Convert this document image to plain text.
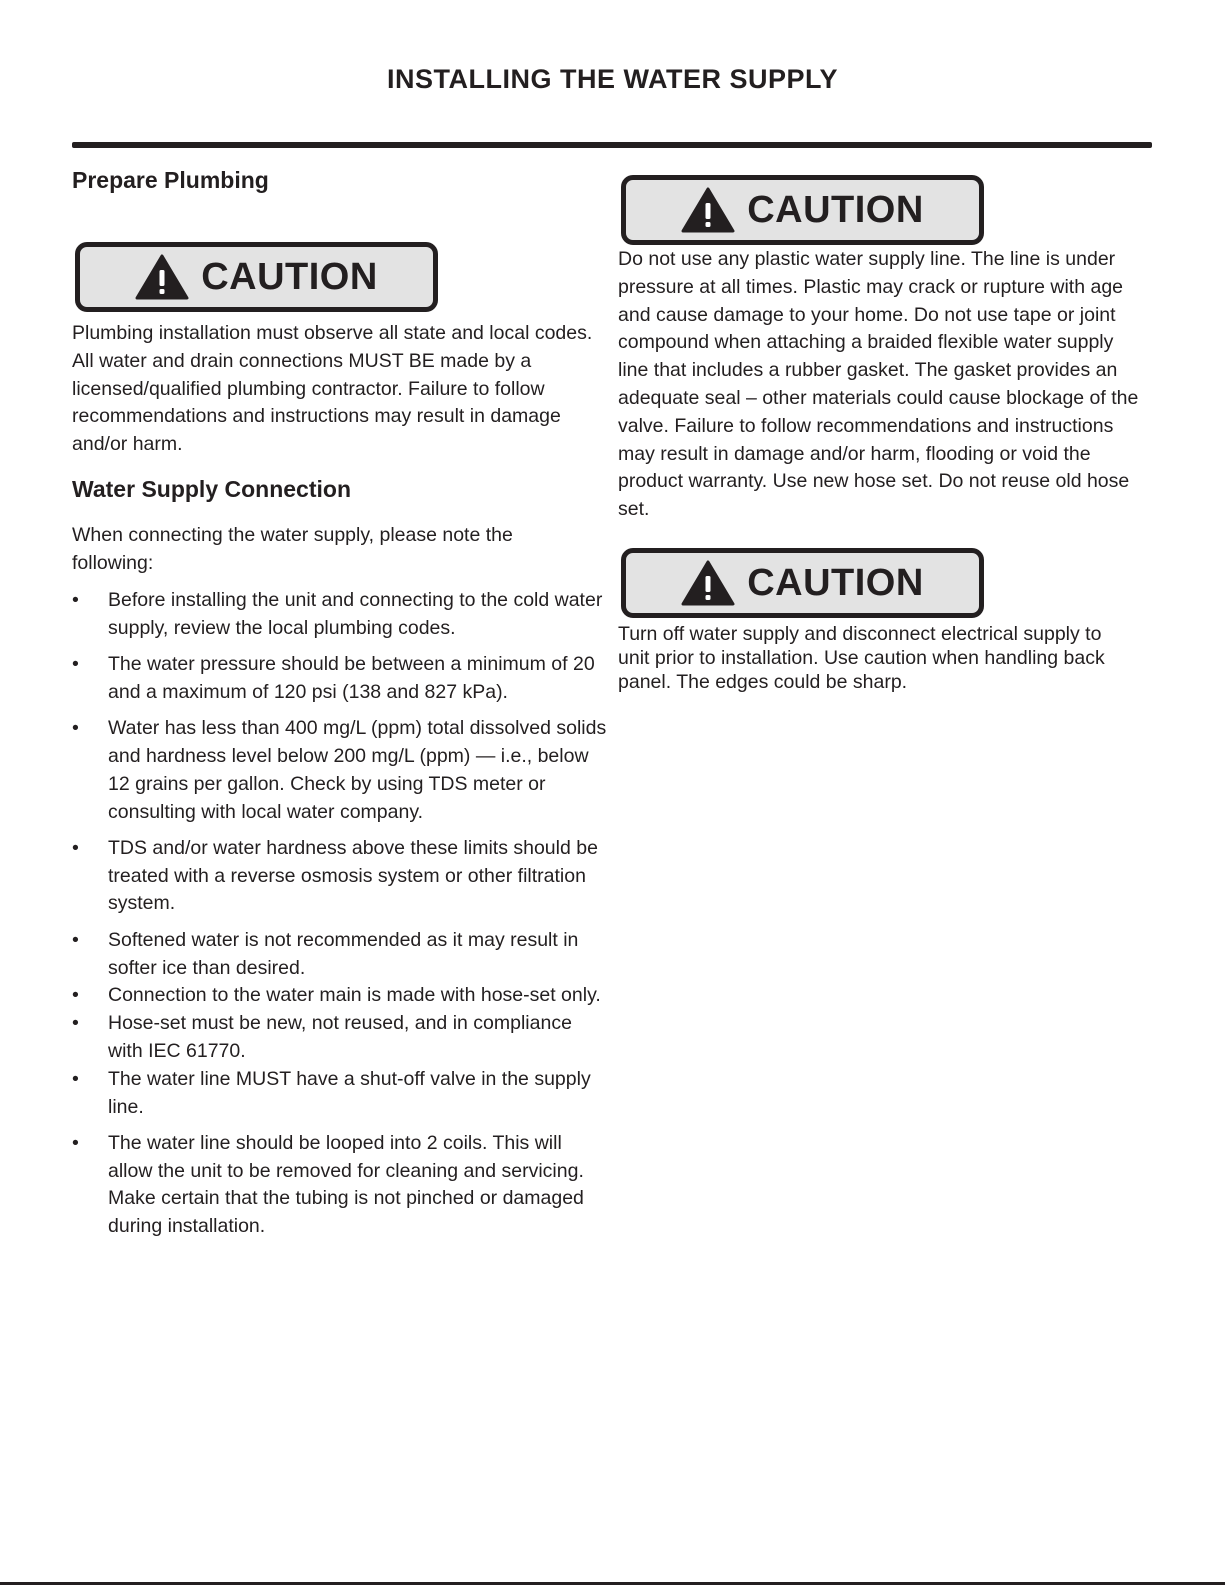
INSTALLING THE WATER SUPPLY
Prepare Plumbing
CAUTION

Plumbing installation must observe all state and local codes. All water and drain connections MUST BE made by a licensed/qualified plumbing contractor. Failure to follow recommendations and instructions may result in damage and/or harm.

Water Supply Connection

When connecting the water supply, please note the following:

• Before installing the unit and connecting to the cold water supply, review the local plumbing codes.
• The water pressure should be between a minimum of 20 and a maximum of 120 psi (138 and 827 kPa).
• Water has less than 400 mg/L (ppm) total dissolved solids and hardness level below 200 mg/L (ppm) — i.e., below 12 grains per gallon. Check by using TDS meter or consulting with local water company.
• TDS and/or water hardness above these limits should be treated with a reverse osmosis system or other filtration system.
• Softened water is not recommended as it may result in softer ice than desired.
• Connection to the water main is made with hose-set only.
• Hose-set must be new, not reused, and in compliance with IEC 61770.
• The water line MUST have a shut-off valve in the supply line.
• The water line should be looped into 2 coils. This will allow the unit to be removed for cleaning and servicing. Make certain that the tubing is not pinched or damaged during installation.
CAUTION

Do not use any plastic water supply line. The line is under pressure at all times. Plastic may crack or rupture with age and cause damage to your home. Do not use tape or joint compound when attaching a braided flexible water supply line that includes a rubber gasket. The gasket provides an adequate seal – other materials could cause blockage of the valve. Failure to follow recommendations and instructions may result in damage and/or harm, flooding or void the product warranty. Use new hose set. Do not reuse old hose set.

CAUTION

Turn off water supply and disconnect electrical supply to unit prior to installation. Use caution when handling back panel. The edges could be sharp.
